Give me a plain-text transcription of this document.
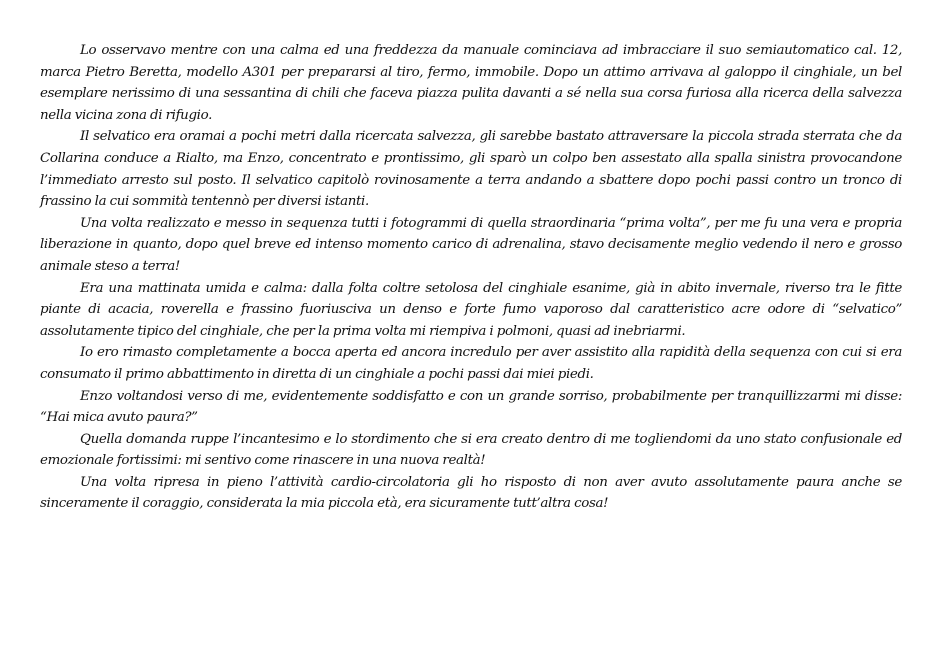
Lo osservavo mentre con una calma ed una freddezza da manuale cominciava ad imbracciare il suo semiautomatico cal. 12, marca Pietro Beretta, modello A301 per prepararsi al tiro, fermo, immobile. Dopo un attimo arrivava al galoppo il cinghiale, un bel esemplare nerissimo di una sessantina di chili che faceva piazza pulita davanti a sé nella sua corsa furiosa alla ricerca della salvezza nella vicina zona di rifugio.

Il selvatico era oramai a pochi metri dalla ricercata salvezza, gli sarebbe bastato attraversare la piccola strada sterrata che da Collarina conduce a Rialto, ma Enzo, concentrato e prontissimo, gli sparò un colpo ben assestato alla spalla sinistra provocandone l’immediato arresto sul posto. Il selvatico capitolò rovinosamente a terra andando a sbattere dopo pochi passi contro un tronco di frassino la cui sommità tentennò per diversi istanti.

Una volta realizzato e messo in sequenza tutti i fotogrammi di quella straordinaria “prima volta”, per me fu una vera e propria liberazione in quanto, dopo quel breve ed intenso momento carico di adrenalina, stavo decisamente meglio vedendo il nero e grosso animale steso a terra!

Era una mattinata umida e calma: dalla folta coltre setolosa del cinghiale esanime, già in abito invernale, riverso tra le fitte piante di acacia, roverella e frassino fuoriusciva un denso e forte fumo vaporoso dal caratteristico acre odore di “selvatico” assolutamente tipico del cinghiale, che per la prima volta mi riempiva i polmoni, quasi ad inebriarmi.

Io ero rimasto completamente a bocca aperta ed ancora incredulo per aver assistito alla rapidità della sequenza con cui si era consumato il primo abbattimento in diretta di un cinghiale a pochi passi dai miei piedi.

Enzo voltandosi verso di me, evidentemente soddisfatto e con un grande sorriso, probabilmente per tranquillizzarmi mi disse: “Hai mica avuto paura?”

Quella domanda ruppe l’incantesimo e lo stordimento che si era creato dentro di me togliendomi da uno stato confusionale ed emozionale fortissimi: mi sentivo come rinascere in una nuova realtà!

Una volta ripresa in pieno l’attività cardio-circolatoria gli ho risposto di non aver avuto assolutamente paura anche se sinceramente il coraggio, considerata la mia piccola età, era sicuramente tutt’altra cosa!
